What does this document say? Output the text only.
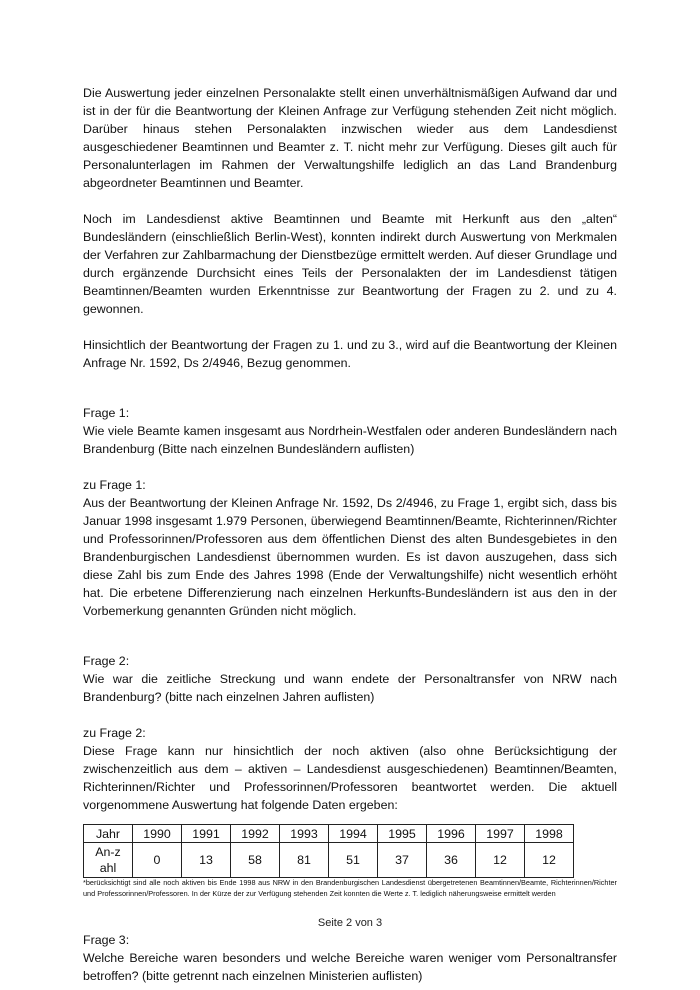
Die Auswertung jeder einzelnen Personalakte stellt einen unverhältnismäßigen Aufwand dar und ist in der für die Beantwortung der Kleinen Anfrage zur Verfügung stehenden Zeit nicht möglich. Darüber hinaus stehen Personalakten inzwischen wieder aus dem Landesdienst ausgeschiedener Beamtinnen und Beamter z. T. nicht mehr zur Verfügung. Dieses gilt auch für Personalunterlagen im Rahmen der Verwaltungshilfe lediglich an das Land Brandenburg abgeordneter Beamtinnen und Beamter.

Noch im Landesdienst aktive Beamtinnen und Beamte mit Herkunft aus den „alten“ Bundesländern (einschließlich Berlin-West), konnten indirekt durch Auswertung von Merkmalen der Verfahren zur Zahlbarmachung der Dienstbezüge ermittelt werden. Auf dieser Grundlage und durch ergänzende Durchsicht eines Teils der Personalakten der im Landesdienst tätigen Beamtinnen/Beamten wurden Erkenntnisse zur Beantwortung der Fragen zu 2. und zu 4. gewonnen.

Hinsichtlich der Beantwortung der Fragen zu 1. und zu 3., wird auf die Beantwortung der Kleinen Anfrage Nr. 1592, Ds 2/4946, Bezug genommen.

Frage 1:

Wie viele Beamte kamen insgesamt aus Nordrhein-Westfalen oder anderen Bundesländern nach Brandenburg (Bitte nach einzelnen Bundesländern auflisten)

zu Frage 1:

Aus der Beantwortung der Kleinen Anfrage Nr. 1592, Ds 2/4946, zu Frage 1, ergibt sich, dass bis Januar 1998 insgesamt 1.979 Personen, überwiegend Beamtinnen/Beamte, Richterinnen/Richter und Professorinnen/Professoren aus dem öffentlichen Dienst des alten Bundesgebietes in den Brandenburgischen Landesdienst übernommen wurden. Es ist davon auszugehen, dass sich diese Zahl bis zum Ende des Jahres 1998 (Ende der Verwaltungshilfe) nicht wesentlich erhöht hat. Die erbetene Differenzierung nach einzelnen Herkunfts-Bundesländern ist aus den in der Vorbemerkung genannten Gründen nicht möglich.

Frage 2:

Wie war die zeitliche Streckung und wann endete der Personaltransfer von NRW nach Brandenburg? (bitte nach einzelnen Jahren auflisten)

zu Frage 2:

Diese Frage kann nur hinsichtlich der noch aktiven (also ohne Berücksichtigung der zwischenzeitlich aus dem – aktiven – Landesdienst ausgeschiedenen) Beamtinnen/Beamten, Richterinnen/Richter und Professorinnen/Professoren beantwortet werden. Die aktuell vorgenommene Auswertung hat folgende Daten ergeben:

Jahr	1990	1991	1992	1993	1994	1995	1996	1997	1998
An-zahl	0	13	58	81	51	37	36	12	12

*berücksichtigt sind alle noch aktiven bis Ende 1998 aus NRW in den Brandenburgischen Landesdienst übergetretenen Beamtinnen/Beamte, Richterinnen/Richter und Professorinnen/Professoren. In der Kürze der zur Verfügung stehenden Zeit konnten die Werte z. T. lediglich näherungsweise ermittelt werden

Frage 3:

Welche Bereiche waren besonders und welche Bereiche waren weniger vom Personaltransfer betroffen? (bitte getrennt nach einzelnen Ministerien auflisten)

Seite 2 von 3
